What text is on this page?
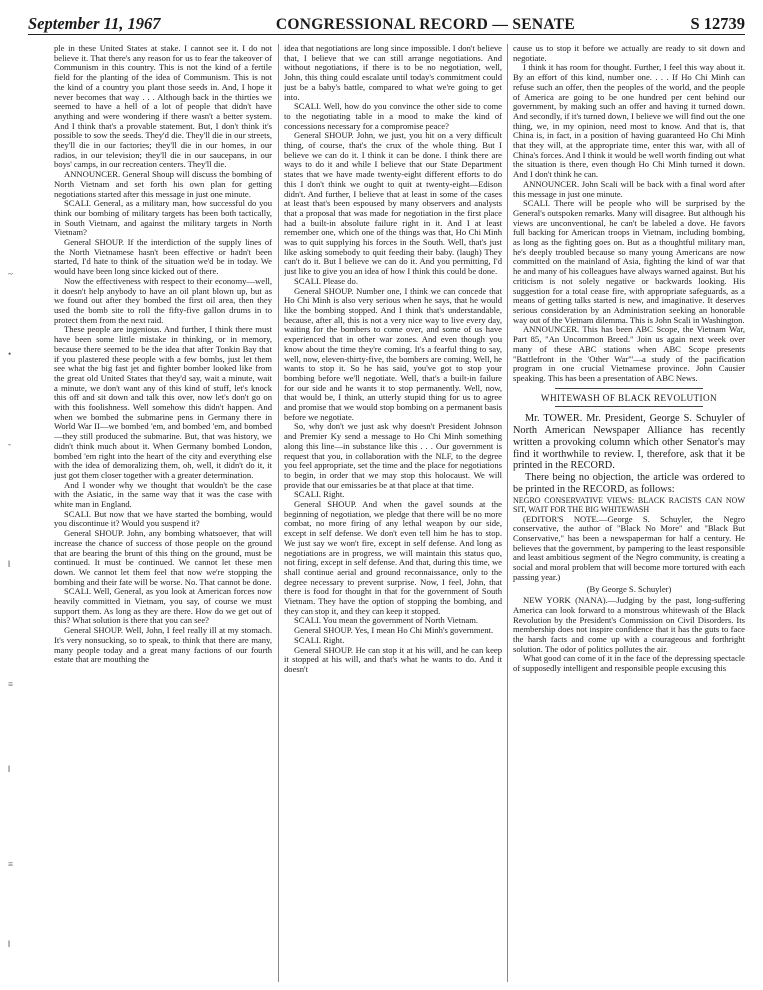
September 11, 1967	CONGRESSIONAL RECORD — SENATE	S 12739
~
•
‐
‖
≡
‖
≡
‖

ple in these United States at stake. I cannot see it. I do not believe it. That there's any reason for us to fear the takeover of Communism in this country. This is not the kind of a fertile field for the planting of the idea of Communism. This is not the kind of a country you plant those seeds in. And, I hope it never becomes that way . . . Although back in the thirties we seemed to have a hell of a lot of people that didn't have anything and were wondering if there wasn't a better system. And I think that's a provable statement. But, I don't think it's possible to sow the seeds. They'd die. They'll die in our streets, they'll die in our factories; they'll die in our homes, in our radios, in our television; they'll die in our saucepans, in our boys' camps, in our recreation centers. They'll die.

ANNOUNCER. General Shoup will discuss the bombing of North Vietnam and set forth his own plan for getting negotiations started after this message in just one minute.

SCALI. General, as a military man, how successful do you think our bombing of military targets has been both tactically, in South Vietnam, and against the military targets in North Vietnam?

General SHOUP. If the interdiction of the supply lines of the North Vietnamese hasn't been effective or hadn't been started, I'd hate to think of the situation we'd be in today. We would have been long since kicked out of there.

Now the effectiveness with respect to their economy—well, it doesn't help anybody to have an oil plant blown up, but as we found out after they bombed the first oil area, then they used the bomb site to roll the fifty-five gallon drums in to protect them from the next raid.

These people are ingenious. And further, I think there must have been some little mistake in thinking, or in memory, because there seemed to be the idea that after Tonkin Bay that if you plastered these people with a few bombs, just let them see what the big fast jet and fighter bomber looked like from the great old United States that they'd say, wait a minute, wait a minute, we don't want any of this kind of stuff, let's knock this off and sit down and talk this over, now let's don't go on with this foolishness. Well somehow this didn't happen. And when we bombed the submarine pens in Germany there in World War II—we bombed 'em, and bombed 'em, and bombed—they still produced the submarine. But, that was history, we didn't think much about it. When Germany bombed London, bombed 'em right into the heart of the city and everything else with the idea of demoralizing them, oh, well, it didn't do it, it just got them closer together with a greater determination.

And I wonder why we thought that wouldn't be the case with the Asiatic, in the same way that it was the case with white man in England.

SCALI. But now that we have started the bombing, would you discontinue it? Would you suspend it?

General SHOUP. John, any bombing whatsoever, that will increase the chance of success of those people on the ground that are bearing the brunt of this thing on the ground, must be continued. It must be continued. We cannot let these men down. We cannot let them feel that now we're stopping the bombing and their fate will be worse. No. That cannot be done.

SCALI. Well, General, as you look at American forces now heavily committed in Vietnam, you say, of course we must support them. As long as they are there. How do we get out of this? What solution is there that you can see?

General SHOUP. Well, John, I feel really ill at my stomach. It's very nonsucking, so to speak, to think that there are many, many people today and a great many factions of our fourth estate that are mouthing the

idea that negotiations are long since impossible. I don't believe that, I believe that we can still arrange negotiations. And without negotiations, if there is to be no negotiation, well, John, this thing could escalate until today's commitment could just be a baby's battle, compared to what we're going to get into.

SCALI. Well, how do you convince the other side to come to the negotiating table in a mood to make the kind of concessions necessary for a compromise peace?

General SHOUP. John, we just, you hit on a very difficult thing, of course, that's the crux of the whole thing. But I believe we can do it. I think it can be done. I think there are ways to do it and while I believe that our State Department states that we have made twenty-eight different efforts to do this I don't think we ought to quit at twenty-eight—Edison didn't. And further, I believe that at least in some of the cases at least that's been espoused by many observers and analysts that a proposal that was made for negotiation in the first place had a built-in absolute failure right in it. And I at least remember one, which one of the things was that, Ho Chi Minh was to quit supplying his forces in the South. Well, that's just like asking somebody to quit feeding their baby. (laugh) They can't do it. But I believe we can do it. And you permitting, I'd just like to give you an idea of how I think this could be done.

SCALI. Please do.

General SHOUP. Number one, I think we can concede that Ho Chi Minh is also very serious when he says, that he would like the bombing stopped. And I think that's understandable, because, after all, this is not a very nice way to live every day, waiting for the bombers to come over, and some of us have experienced that in other war zones. And even though you know about the time they're coming. It's a fearful thing to say, well, now, eleven-thirty-five, the bombers are coming. Well, he wants to stop it. So he has said, you've got to stop your bombing before we'll negotiate. Well, that's a built-in failure for our side and he wants it to stop permanently. Well, now, that would be, I think, an utterly stupid thing for us to agree and promise that we would stop bombing on a permanent basis before we negotiate.

So, why don't we just ask why doesn't President Johnson and Premier Ky send a message to Ho Chi Minh something along this line—in substance like this . . . Our government is request that you, in collaboration with the NLF, to the degree you feel appropriate, set the time and the place for negotiations to begin, in order that we may stop this holocaust. We will provide that our emissaries be at that place at that time.

SCALI. Right.

General SHOUP. And when the gavel sounds at the beginning of negotiation, we pledge that there will be no more combat, no more firing of any lethal weapon by our side, except in self defense. We don't even tell him he has to stop. We just say we won't fire, except in self defense. And long as negotiations are in progress, we will maintain this status quo, not firing, except in self defense. And that, during this time, we shall continue aerial and ground reconnaissance, only to the degree necessary to prevent surprise. Now, I feel, John, that there is food for thought in that for the government of South Vietnam. They have the option of stopping the bombing, and they can stop it, and they can keep it stopped.

SCALI. You mean the government of North Vietnam.

General SHOUP. Yes, I mean Ho Chi Minh's government.

SCALI. Right.

General SHOUP. He can stop it at his will, and he can keep it stopped at his will, and that's what he wants to do. And it doesn't

cause us to stop it before we actually are ready to sit down and negotiate.

I think it has room for thought. Further, I feel this way about it. By an effort of this kind, number one. . . . If Ho Chi Minh can refuse such an offer, then the peoples of the world, and the people of America are going to be one hundred per cent behind our government, by making such an offer and having it turned down. And secondly, if it's turned down, I believe we will find out the one thing, we, in my opinion, need most to know. And that is, that China is, in fact, in a position of having guaranteed Ho Chi Minh that they will, at the appropriate time, enter this war, with all of China's forces. And I think it would be well worth finding out what the situation is there, even though Ho Chi Minh turned it down. And I don't think he can.

ANNOUNCER. John Scali will be back with a final word after this message in just one minute.

SCALI. There will be people who will be surprised by the General's outspoken remarks. Many will disagree. But although his views are unconventional, he can't be labeled a dove. He favors full backing for American troops in Vietnam, including bombing, as long as the fighting goes on. But as a thoughtful military man, he's deeply troubled because so many young Americans are now committed on the mainland of Asia, fighting the kind of war that he and many of his colleagues have always warned against. But his criticism is not solely negative or backwards looking. His suggestion for a total cease fire, with appropriate safeguards, as a means of getting talks started is new, and imaginative. It deserves serious consideration by an Administration seeking an honorable way out of the Vietnam dilemma. This is John Scali in Washington.

ANNOUNCER. This has been ABC Scope, the Vietnam War, Part 85, "An Uncommon Breed." Join us again next week over many of these ABC stations when ABC Scope presents "Battlefront in the 'Other War'"—a study of the pacification program in one crucial Vietnamese province. John Causier speaking. This has been a presentation of ABC News.

WHITEWASH OF BLACK REVOLUTION

Mr. TOWER. Mr. President, George S. Schuyler of North American Newspaper Alliance has recently written a provoking column which other Senator's may find it worthwhile to review. I, therefore, ask that it be printed in the RECORD.

There being no objection, the article was ordered to be printed in the RECORD, as follows:

NEGRO CONSERVATIVE VIEWS: BLACK RACISTS CAN NOW SIT, WAIT FOR THE BIG WHITEWASH

(EDITOR'S NOTE.—George S. Schuyler, the Negro conservative, the author of "Black No More" and "Black But Conservative," has been a newspaperman for half a century. He believes that the government, by pampering to the least responsible and least ambitious segment of the Negro community, is creating a social and moral problem that will become more tortured with each passing year.)

(By George S. Schuyler)

NEW YORK (NANA).—Judging by the past, long-suffering America can look forward to a monstrous whitewash of the Black Revolution by the President's Commission on Civil Disorders. Its membership does not inspire confidence that it has the guts to face the harsh facts and come up with a courageous and forthright solution. The odor of politics pollutes the air.

What good can come of it in the face of the depressing spectacle of supposedly intelligent and responsible people excusing this
